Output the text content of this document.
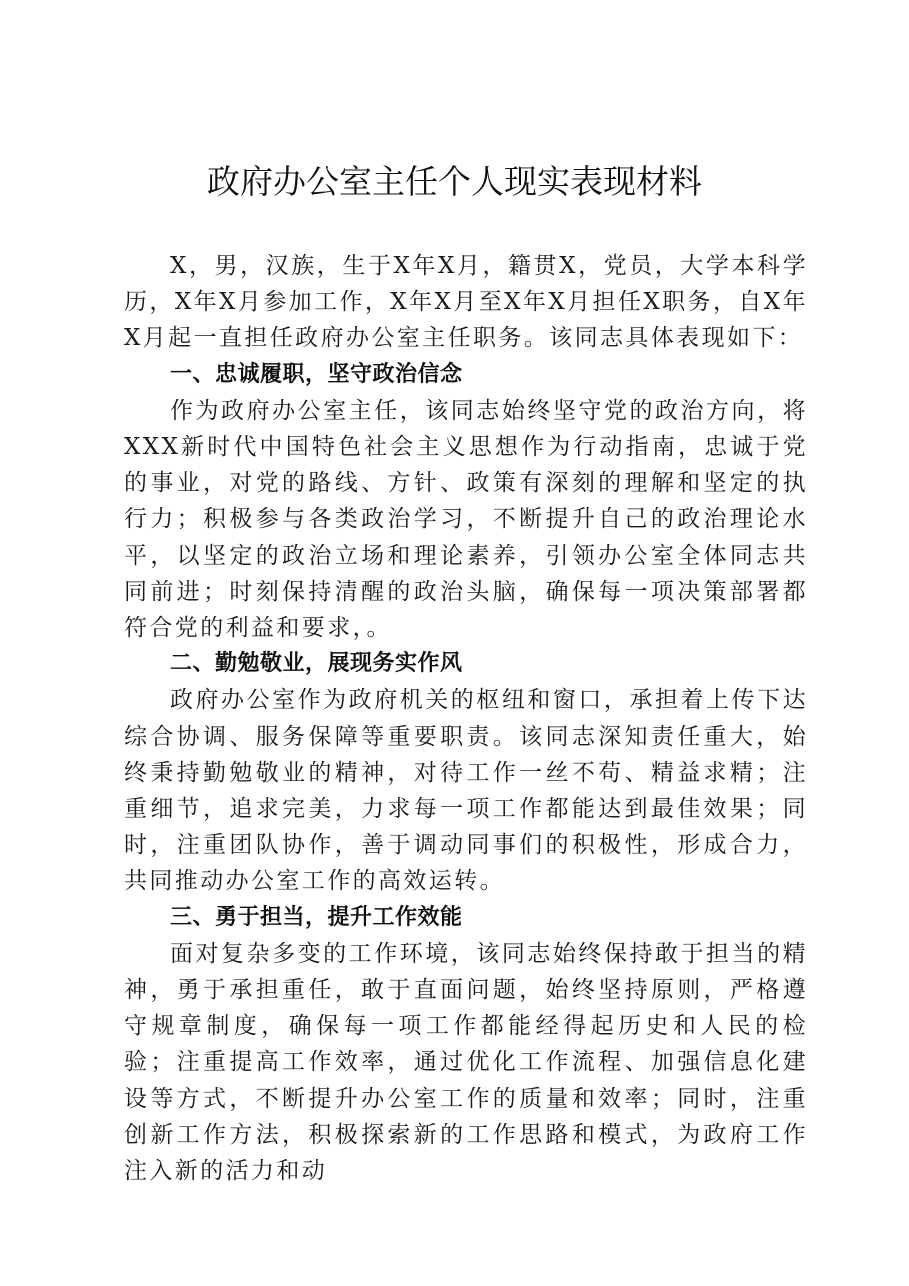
政府办公室主任个人现实表现材料

X，男，汉族，生于X年X月，籍贯X，党员，大学本科学历，X年X月参加工作，X年X月至X年X月担任X职务，自X年X月起一直担任政府办公室主任职务。该同志具体表现如下：

一、忠诚履职，坚守政治信念

作为政府办公室主任，该同志始终坚守党的政治方向，将XXX新时代中国特色社会主义思想作为行动指南，忠诚于党的事业，对党的路线、方针、政策有深刻的理解和坚定的执行力；积极参与各类政治学习，不断提升自己的政治理论水平，以坚定的政治立场和理论素养，引领办公室全体同志共同前进；时刻保持清醒的政治头脑，确保每一项决策部署都符合党的利益和要求，。

二、勤勉敬业，展现务实作风

政府办公室作为政府机关的枢纽和窗口，承担着上传下达综合协调、服务保障等重要职责。该同志深知责任重大，始终秉持勤勉敬业的精神，对待工作一丝不苟、精益求精；注重细节，追求完美，力求每一项工作都能达到最佳效果；同时，注重团队协作，善于调动同事们的积极性，形成合力，共同推动办公室工作的高效运转。

三、勇于担当，提升工作效能

面对复杂多变的工作环境，该同志始终保持敢于担当的精神，勇于承担重任，敢于直面问题，始终坚持原则，严格遵守规章制度，确保每一项工作都能经得起历史和人民的检验；注重提高工作效率，通过优化工作流程、加强信息化建设等方式，不断提升办公室工作的质量和效率；同时，注重创新工作方法，积极探索新的工作思路和模式，为政府工作注入新的活力和动
